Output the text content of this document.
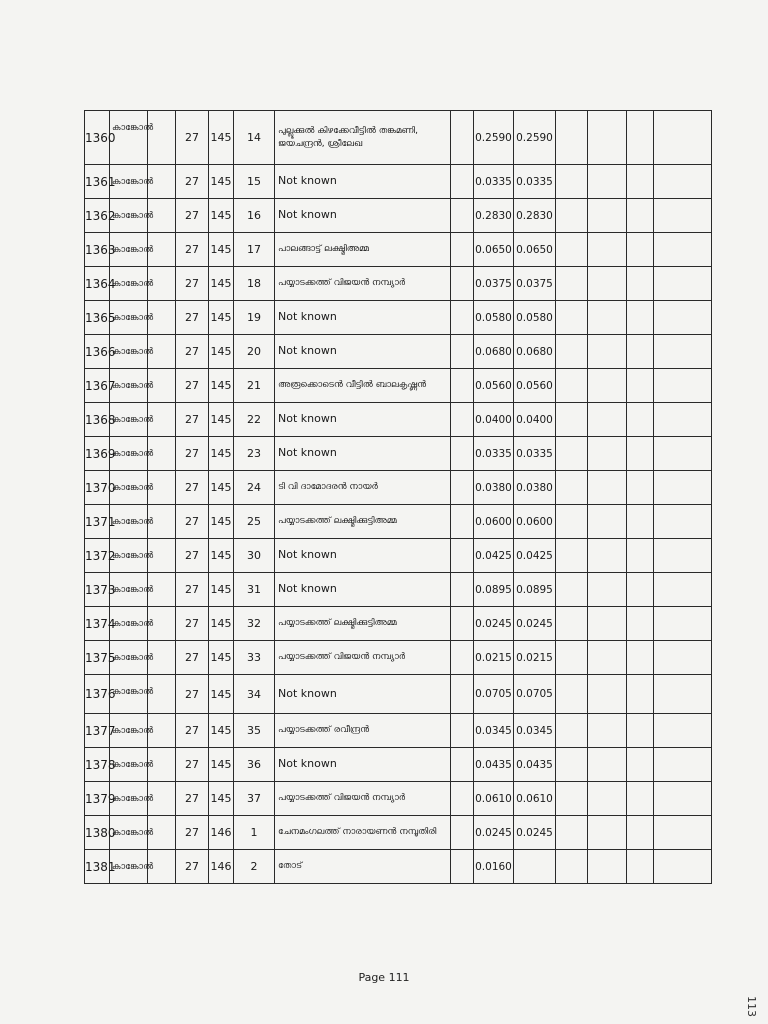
1360	കാങ്കോൽ		27	145	14	പുല്ലൂക്കുൽ കിഴക്കേവീട്ടിൽ തങ്കമണി, ജയചന്ദ്രൻ, ശ്രീലേഖ		0.2590	0.2590				
1361	കാങ്കോൽ		27	145	15	Not known		0.0335	0.0335				
1362	കാങ്കോൽ		27	145	16	Not known		0.2830	0.2830				
1363	കാങ്കോൽ		27	145	17	പാലങ്ങാട്ട് ലക്ഷ്മിഅമ്മ		0.0650	0.0650				
1364	കാങ്കോൽ		27	145	18	പയ്യാടക്കത്ത് വിജയൻ നമ്പ്യാർ		0.0375	0.0375				
1365	കാങ്കോൽ		27	145	19	Not known		0.0580	0.0580				
1366	കാങ്കോൽ		27	145	20	Not known		0.0680	0.0680				
1367	കാങ്കോൽ		27	145	21	അരൂക്കൊടെൻ വീട്ടിൽ ബാലകൃഷ്ണൻ		0.0560	0.0560				
1368	കാങ്കോൽ		27	145	22	Not known		0.0400	0.0400				
1369	കാങ്കോൽ		27	145	23	Not known		0.0335	0.0335				
1370	കാങ്കോൽ		27	145	24	ടി വി ദാമോദരൻ നായർ		0.0380	0.0380				
1371	കാങ്കോൽ		27	145	25	പയ്യാടക്കത്ത് ലക്ഷ്മിക്കുട്ടിഅമ്മ		0.0600	0.0600				
1372	കാങ്കോൽ		27	145	30	Not known		0.0425	0.0425				
1373	കാങ്കോൽ		27	145	31	Not known		0.0895	0.0895				
1374	കാങ്കോൽ		27	145	32	പയ്യാടക്കത്ത് ലക്ഷ്മിക്കുട്ടിഅമ്മ		0.0245	0.0245				
1375	കാങ്കോൽ		27	145	33	പയ്യാടക്കത്ത് വിജയൻ നമ്പ്യാർ		0.0215	0.0215				
1376	കാങ്കോൽ		27	145	34	Not known		0.0705	0.0705				
1377	കാങ്കോൽ		27	145	35	പയ്യാടക്കത്ത് രവീന്ദ്രൻ		0.0345	0.0345				
1378	കാങ്കോൽ		27	145	36	Not known		0.0435	0.0435				
1379	കാങ്കോൽ		27	145	37	പയ്യാടക്കത്ത് വിജയൻ നമ്പ്യാർ		0.0610	0.0610				
1380	കാങ്കോൽ		27	146	1	ചേനമംഗലത്ത് നാരായണൻ നമ്പൂതിരി		0.0245	0.0245				
1381	കാങ്കോൽ		27	146	2	തോട്		0.0160					
Page 111
113
